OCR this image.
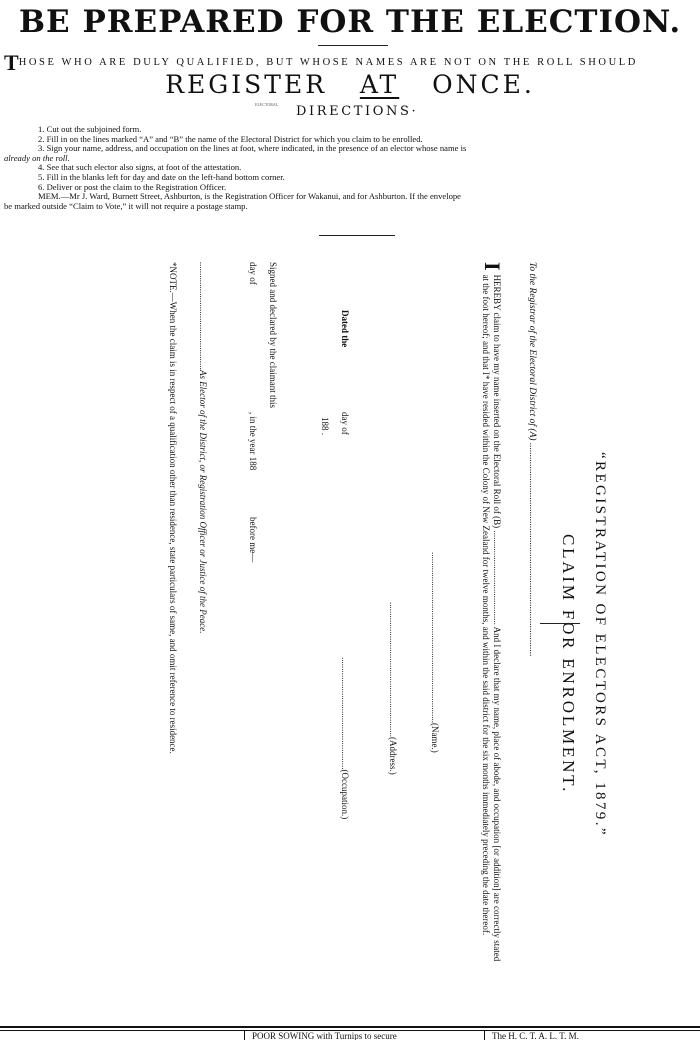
BE PREPARED FOR THE ELECTION.
THOSE WHO ARE DULY QUALIFIED, BUT WHOSE NAMES ARE NOT ON THE ROLL SHOULD
REGISTER AT ONCE.
ELECTORAL DIRECTIONS·
1. Cut out the subjoined form.
2. Fill in on the lines marked “A” and “B” the name of the Electoral District for which you claim to be enrolled.
3. Sign your name, address, and occupation on the lines at foot, where indicated, in the presence of an elector whose name is
already on the roll.
4. See that such elector also signs, at foot of the attestation.
5. Fill in the blanks left for day and date on the left-hand bottom corner.
6. Deliver or post the claim to the Registration Officer.
MEM.—Mr J. Ward, Burnett Street, Ashburton, is the Registration Officer for Wakanui, and for Ashburton. If the envelope
be marked outside “Claim to Vote,” it will not require a postage stamp.
“REGISTRATION OF ELECTORS ACT, 1879.”
CLAIM FOR ENROLMENT.
To the Registrar of the Electoral District of (A) ..........................................................................................
I
HEREBY claim to have my name inserted on the Electoral Roll of (B) .......................................... And I declare that my name, place of abode, and occupation [or addition] are correctly stated at the foot hereof; and that I* have resided within the Colony of New Zealand for twelve months, and within the said district for the six months immediately preceding the date thereof.
............................................................................(Name.)
............................................................(Address.)
..................................................(Occupation.)
Dated the
day of
188 .
Signed and declared by the claimant this
day of
, in the year 188
before me—
................................................As Elector of the District, or Registration Officer or Justice of the Peace.
*NOTE.—When the claim is in respect of a qualification other than residence, state particulars of same, and omit reference to residence.
POOR SOWING with Turnips to secure	The H. C. T. A. L. T. M.
